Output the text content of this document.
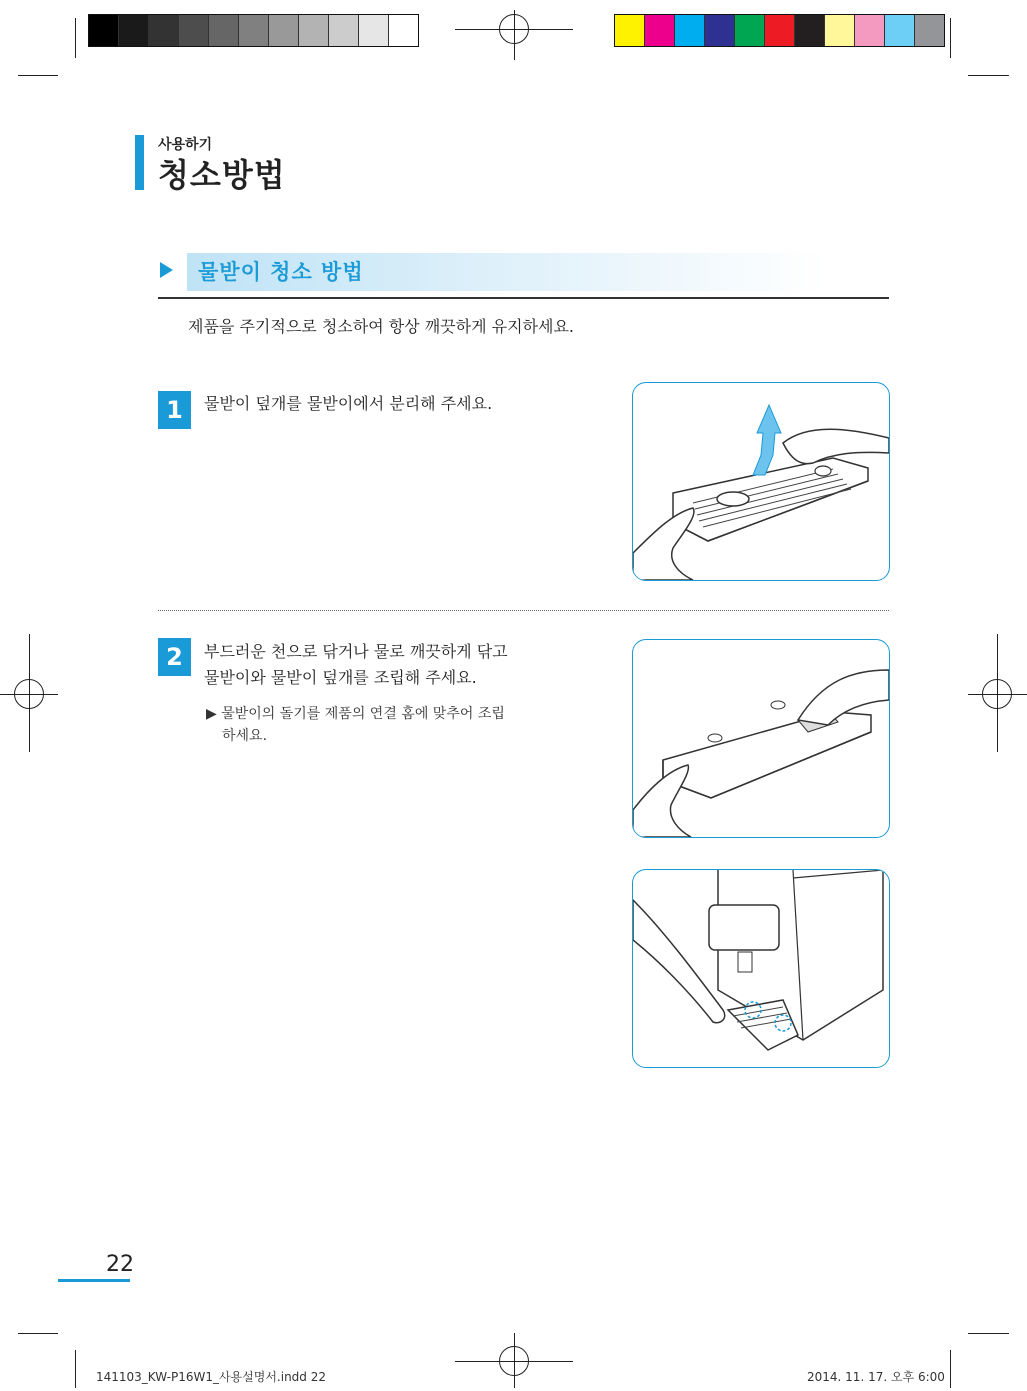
사용하기
청소방법
물받이 청소 방법
제품을 주기적으로 청소하여 항상 깨끗하게 유지하세요.
1	물받이 덮개를 물받이에서 분리해 주세요.
2	부드러운 천으로 닦거나 물로 깨끗하게 닦고
물받이와 물받이 덮개를 조립해 주세요.
▶ 물받이의 돌기를 제품의 연결 홈에 맞추어 조립
하세요.
22
141103_KW-P16W1_사용설명서.indd 22	2014. 11. 17. 오후 6:00
